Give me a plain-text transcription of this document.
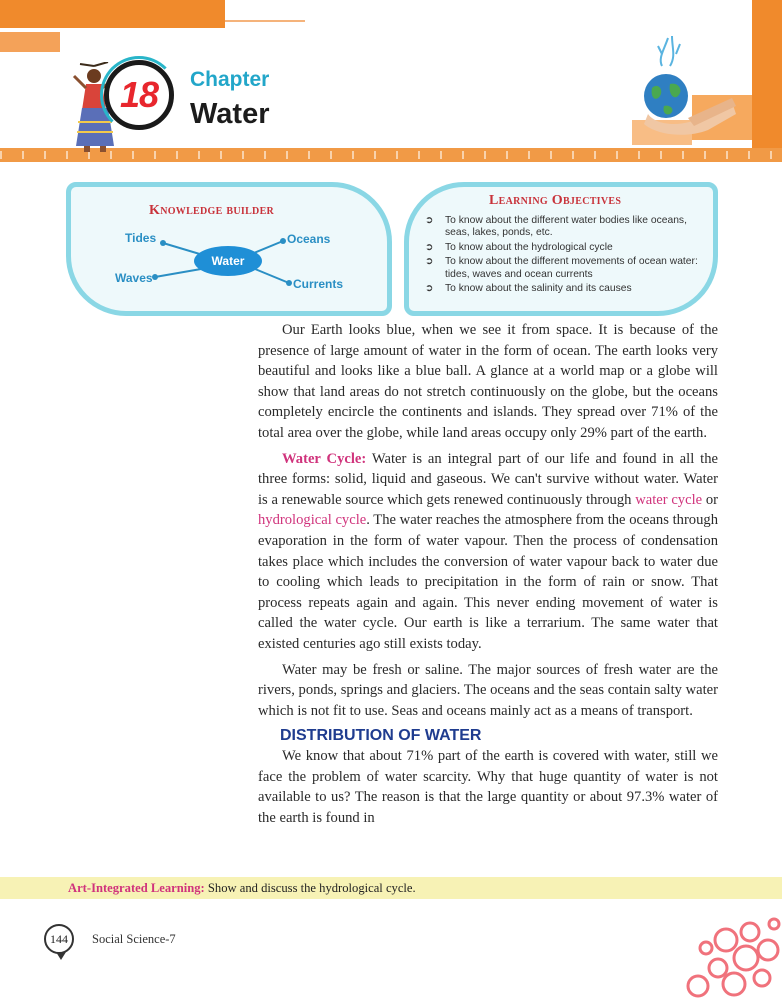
18 Chapter
Water
Knowledge builder
Water
Tides	Oceans
Waves	Currents
Learning Objectives
➲ To know about the different water bodies like oceans, seas, lakes, ponds, etc.
➲ To know about the hydrological cycle
➲ To know about the different movements of ocean water: tides, waves and ocean currents
➲ To know about the salinity and its causes

Our Earth looks blue, when we see it from space. It is because of the presence of large amount of water in the form of ocean. The earth looks very beautiful and looks like a blue ball. A glance at a world map or a globe will show that land areas do not stretch continuously on the globe, but the oceans completely encircle the continents and islands. They spread over 71% of the total area over the globe, while land areas occupy only 29% part of the earth.

Water Cycle: Water is an integral part of our life and found in all the three forms: solid, liquid and gaseous. We can't survive without water. Water is a renewable source which gets renewed continuously through water cycle or hydrological cycle. The water reaches the atmosphere from the oceans through evaporation in the form of water vapour. Then the process of condensation takes place which includes the conversion of water vapour back to water due to cooling which leads to precipitation in the form of rain or snow. That process repeats again and again. This never ending movement of water is called the water cycle. Our earth is like a terrarium. The same water that existed centuries ago still exists today.

Water may be fresh or saline. The major sources of fresh water are the rivers, ponds, springs and glaciers. The oceans and the seas contain salty water which is not fit to use. Seas and oceans mainly act as a means of transport.

DISTRIBUTION OF WATER

We know that about 71% part of the earth is covered with water, still we face the problem of water scarcity. Why that huge quantity of water is not available to us? The reason is that the large quantity or about 97.3% water of the earth is found in

Art-Integrated Learning: Show and discuss the hydrological cycle.
144 Social Science-7
